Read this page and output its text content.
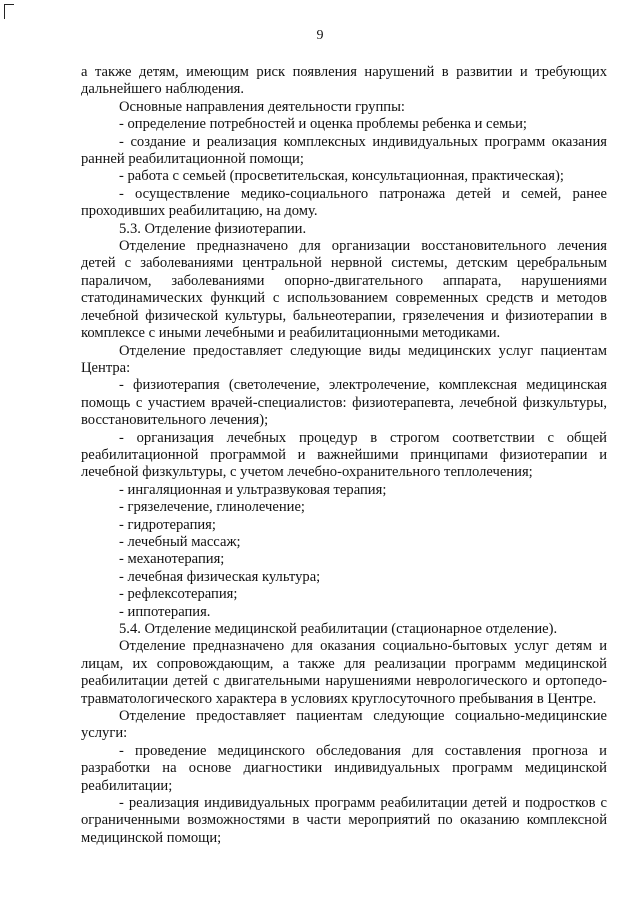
9

а также детям, имеющим риск появления нарушений в развитии и требующих дальнейшего наблюдения.

Основные направления деятельности группы:

- определение потребностей и оценка проблемы ребенка и семьи;

- создание и реализация комплексных индивидуальных программ оказания ранней реабилитационной помощи;

- работа с семьей (просветительская, консультационная, практическая);

- осуществление медико-социального патронажа детей и семей, ранее проходивших реабилитацию, на дому.

5.3. Отделение физиотерапии.

Отделение предназначено для организации восстановительного лечения детей с заболеваниями центральной нервной системы, детским церебральным параличом, заболеваниями опорно-двигательного аппарата, нарушениями статодинамических функций с использованием современных средств и методов лечебной физической культуры, бальнеотерапии, грязелечения и физиотерапии в комплексе с иными лечебными и реабилитационными методиками.

Отделение предоставляет следующие виды медицинских услуг пациентам Центра:

- физиотерапия (светолечение, электролечение, комплексная медицинская помощь с участием врачей-специалистов: физиотерапевта, лечебной физкультуры, восстановительного лечения);

- организация лечебных процедур в строгом соответствии с общей реабилитационной программой и важнейшими принципами физиотерапии и лечебной физкультуры, с учетом лечебно-охранительного теплолечения;

- ингаляционная и ультразвуковая терапия;

- грязелечение, глинолечение;

- гидротерапия;

- лечебный массаж;

- механотерапия;

- лечебная физическая культура;

- рефлексотерапия;

- иппотерапия.

5.4. Отделение медицинской реабилитации (стационарное отделение).

Отделение предназначено для оказания социально-бытовых услуг детям и лицам, их сопровождающим, а также для реализации программ медицинской реабилитации детей с двигательными нарушениями неврологического и ортопедо-травматологического характера в условиях круглосуточного пребывания в Центре.

Отделение предоставляет пациентам следующие социально-медицинские услуги:

- проведение медицинского обследования для составления прогноза и разработки на основе диагностики индивидуальных программ медицинской реабилитации;

- реализация индивидуальных программ реабилитации детей и подростков с ограниченными возможностями в части мероприятий по оказанию комплексной медицинской помощи;
